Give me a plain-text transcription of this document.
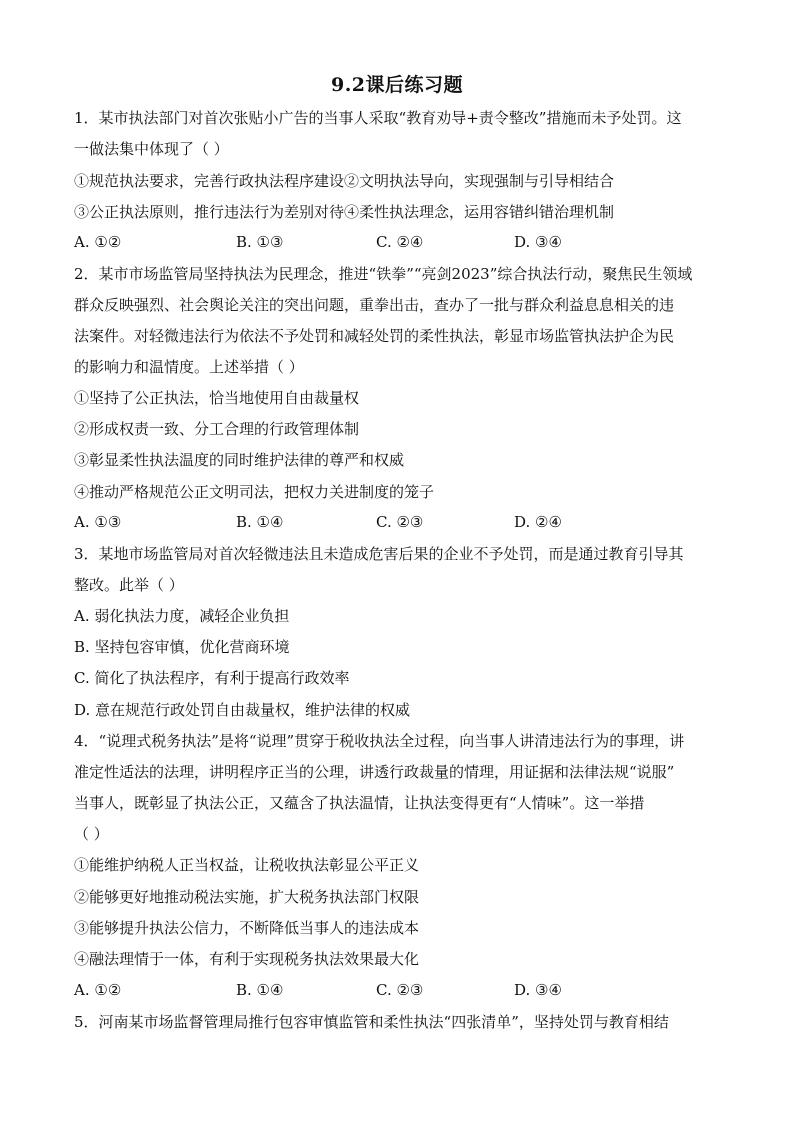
9.2课后练习题
1．某市执法部门对首次张贴小广告的当事人采取“教育劝导+责令整改”措施而未予处罚。这
一做法集中体现了（ ）
①规范执法要求，完善行政执法程序建设②文明执法导向，实现强制与引导相结合
③公正执法原则，推行违法行为差别对待④柔性执法理念，运用容错纠错治理机制
A. ①②	B. ①③	C. ②④	D. ③④
2．某市市场监管局坚持执法为民理念，推进“铁拳”“亮剑2023”综合执法行动，聚焦民生领域
群众反映强烈、社会舆论关注的突出问题，重拳出击，查办了一批与群众利益息息相关的违
法案件。对轻微违法行为依法不予处罚和减轻处罚的柔性执法，彰显市场监管执法护企为民
的影响力和温情度。上述举措（ ）
①坚持了公正执法，恰当地使用自由裁量权
②形成权责一致、分工合理的行政管理体制
③彰显柔性执法温度的同时维护法律的尊严和权威
④推动严格规范公正文明司法，把权力关进制度的笼子
A. ①③	B. ①④	C. ②③	D. ②④
3．某地市场监管局对首次轻微违法且未造成危害后果的企业不予处罚，而是通过教育引导其
整改。此举（ ）
A. 弱化执法力度，减轻企业负担
B. 坚持包容审慎，优化营商环境
C. 简化了执法程序，有利于提高行政效率
D. 意在规范行政处罚自由裁量权，维护法律的权威
4．“说理式税务执法”是将“说理”贯穿于税收执法全过程，向当事人讲清违法行为的事理，讲
准定性适法的法理，讲明程序正当的公理，讲透行政裁量的情理，用证据和法律法规“说服”
当事人，既彰显了执法公正，又蕴含了执法温情，让执法变得更有“人情味”。这一举措
（ ）
①能维护纳税人正当权益，让税收执法彰显公平正义
②能够更好地推动税法实施，扩大税务执法部门权限
③能够提升执法公信力，不断降低当事人的违法成本
④融法理情于一体，有利于实现税务执法效果最大化
A. ①②	B. ①④	C. ②③	D. ③④
5．河南某市场监督管理局推行包容审慎监管和柔性执法“四张清单”，坚持处罚与教育相结
